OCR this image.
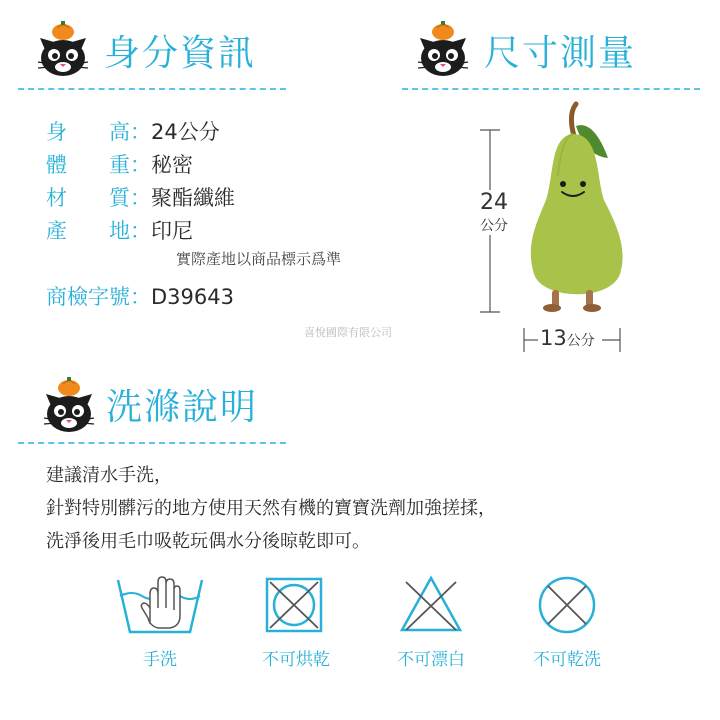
身分資訊	尺寸測量
身　　高：24公分
體　　重：秘密
材　　質：聚酯纖維
產　　地：印尼
實際產地以商品標示爲準
商檢字號：D39643
喜悅國際有限公司
24
公分
13公分
洗滌說明
建議清水手洗，
針對特別髒污的地方使用天然有機的寶寶洗劑加強搓揉，
洗淨後用毛巾吸乾玩偶水分後晾乾即可。
手洗	不可烘乾	不可漂白	不可乾洗
